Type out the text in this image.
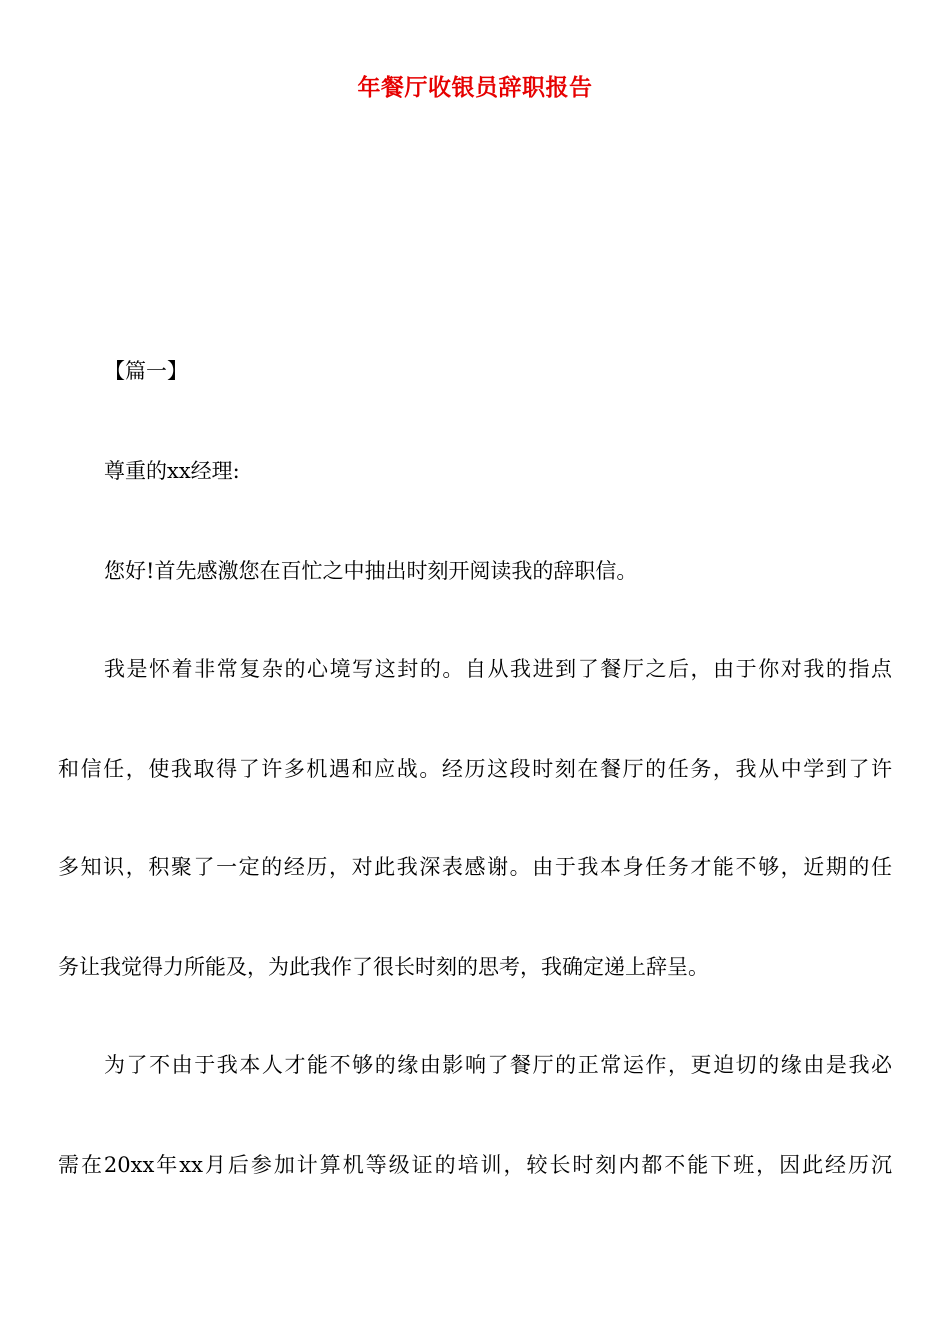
年餐厅收银员辞职报告
【篇一】
尊重的xx经理:
您好!首先感激您在百忙之中抽出时刻开阅读我的辞职信。
我是怀着非常复杂的心境写这封的。自从我进到了餐厅之后，由于你对我的指点
和信任，使我取得了许多机遇和应战。经历这段时刻在餐厅的任务，我从中学到了许
多知识，积聚了一定的经历，对此我深表感谢。由于我本身任务才能不够，近期的任
务让我觉得力所能及，为此我作了很长时刻的思考，我确定递上辞呈。
为了不由于我本人才能不够的缘由影响了餐厅的正常运作，更迫切的缘由是我必
需在20xx年xx月后参加计算机等级证的培训，较长时刻内都不能下班，因此经历沉
